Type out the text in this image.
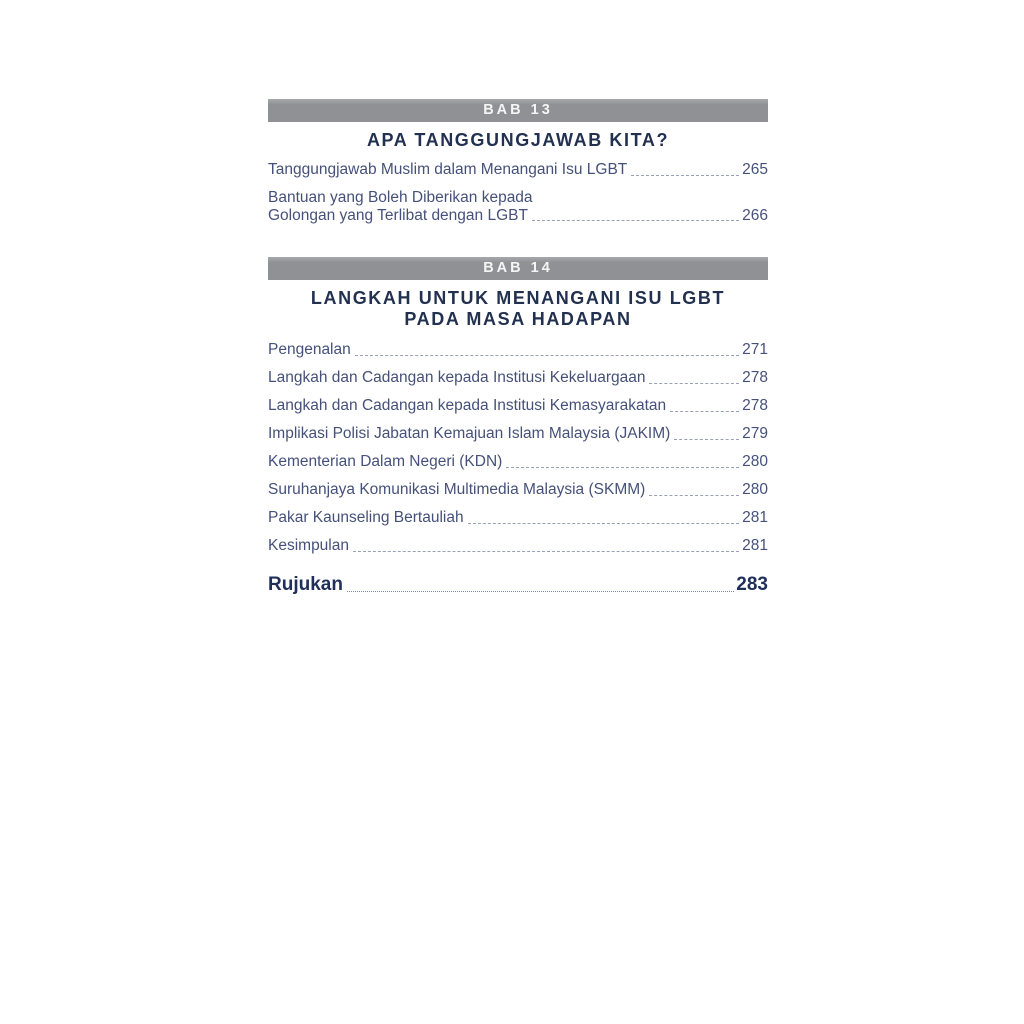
BAB 13
APA TANGGUNGJAWAB KITA?
Tanggungjawab Muslim dalam Menangani Isu LGBT	265
Bantuan yang Boleh Diberikan kepada
Golongan yang Terlibat dengan LGBT	266
BAB 14
LANGKAH UNTUK MENANGANI ISU LGBT
PADA MASA HADAPAN
Pengenalan	271
Langkah dan Cadangan kepada Institusi Kekeluargaan	278
Langkah dan Cadangan kepada Institusi Kemasyarakatan	278
Implikasi Polisi Jabatan Kemajuan Islam Malaysia (JAKIM)	279
Kementerian Dalam Negeri (KDN)	280
Suruhanjaya Komunikasi Multimedia Malaysia (SKMM)	280
Pakar Kaunseling Bertauliah	281
Kesimpulan	281
Rujukan	283
